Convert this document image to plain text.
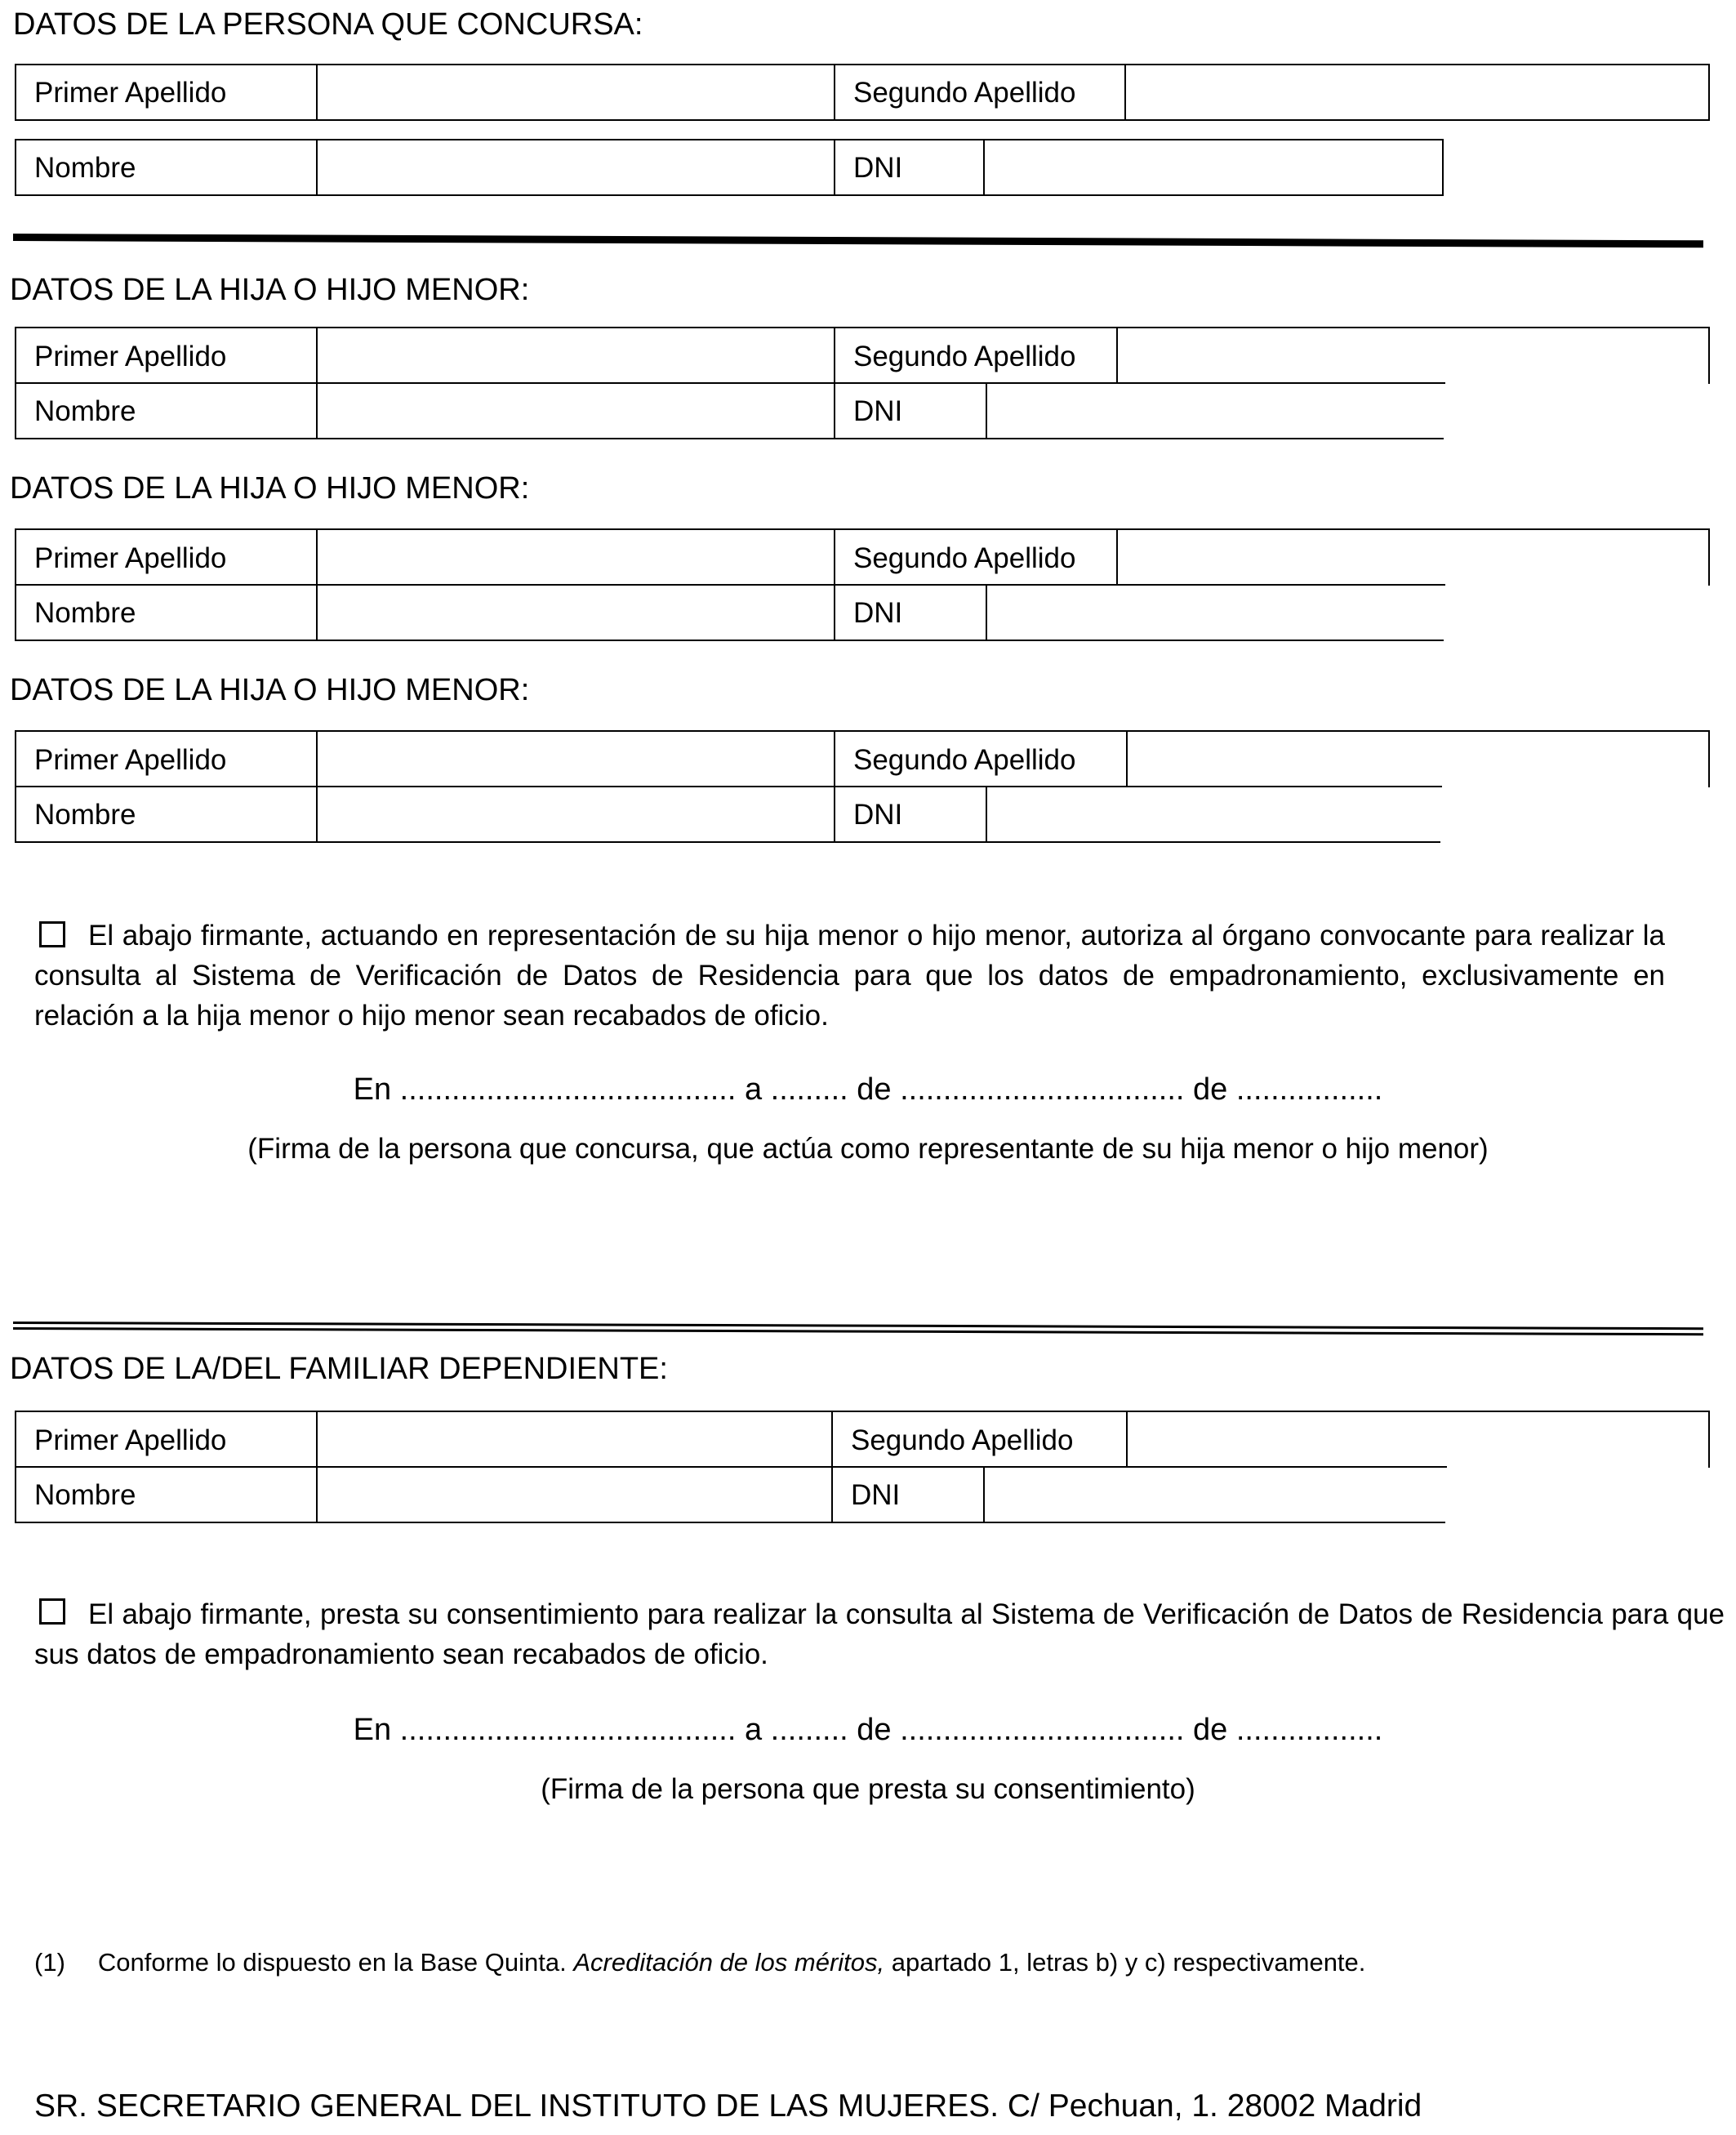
DATOS DE LA PERSONA QUE CONCURSA:
Primer Apellido	Segundo Apellido
Nombre	DNI
DATOS DE LA HIJA O HIJO MENOR:
Primer Apellido	Segundo Apellido
Nombre	DNI
DATOS DE LA HIJA O HIJO MENOR:
Primer Apellido	Segundo Apellido
Nombre	DNI
DATOS DE LA HIJA O HIJO MENOR:
Primer Apellido	Segundo Apellido
Nombre	DNI
El abajo firmante, actuando en representación de su hija menor o hijo menor, autoriza al órgano convocante para realizar la consulta al Sistema de Verificación de Datos de Residencia para que los datos de empadronamiento, exclusivamente en relación a la hija menor o hijo menor sean recabados de oficio.
En ....................................... a ......... de ................................. de .................
(Firma de la persona que concursa, que actúa como representante de su hija menor o hijo menor)
DATOS DE LA/DEL FAMILIAR DEPENDIENTE:
Primer Apellido	Segundo Apellido
Nombre	DNI
El abajo firmante, presta su consentimiento para realizar la consulta al Sistema de Verificación de Datos de Residencia para que sus datos de empadronamiento sean recabados de oficio.
En ....................................... a ......... de ................................. de .................
(Firma de la persona que presta su consentimiento)
(1) Conforme lo dispuesto en la Base Quinta. Acreditación de los méritos, apartado 1, letras b) y c) respectivamente.
SR. SECRETARIO GENERAL DEL INSTITUTO DE LAS MUJERES. C/ Pechuan, 1. 28002 Madrid
